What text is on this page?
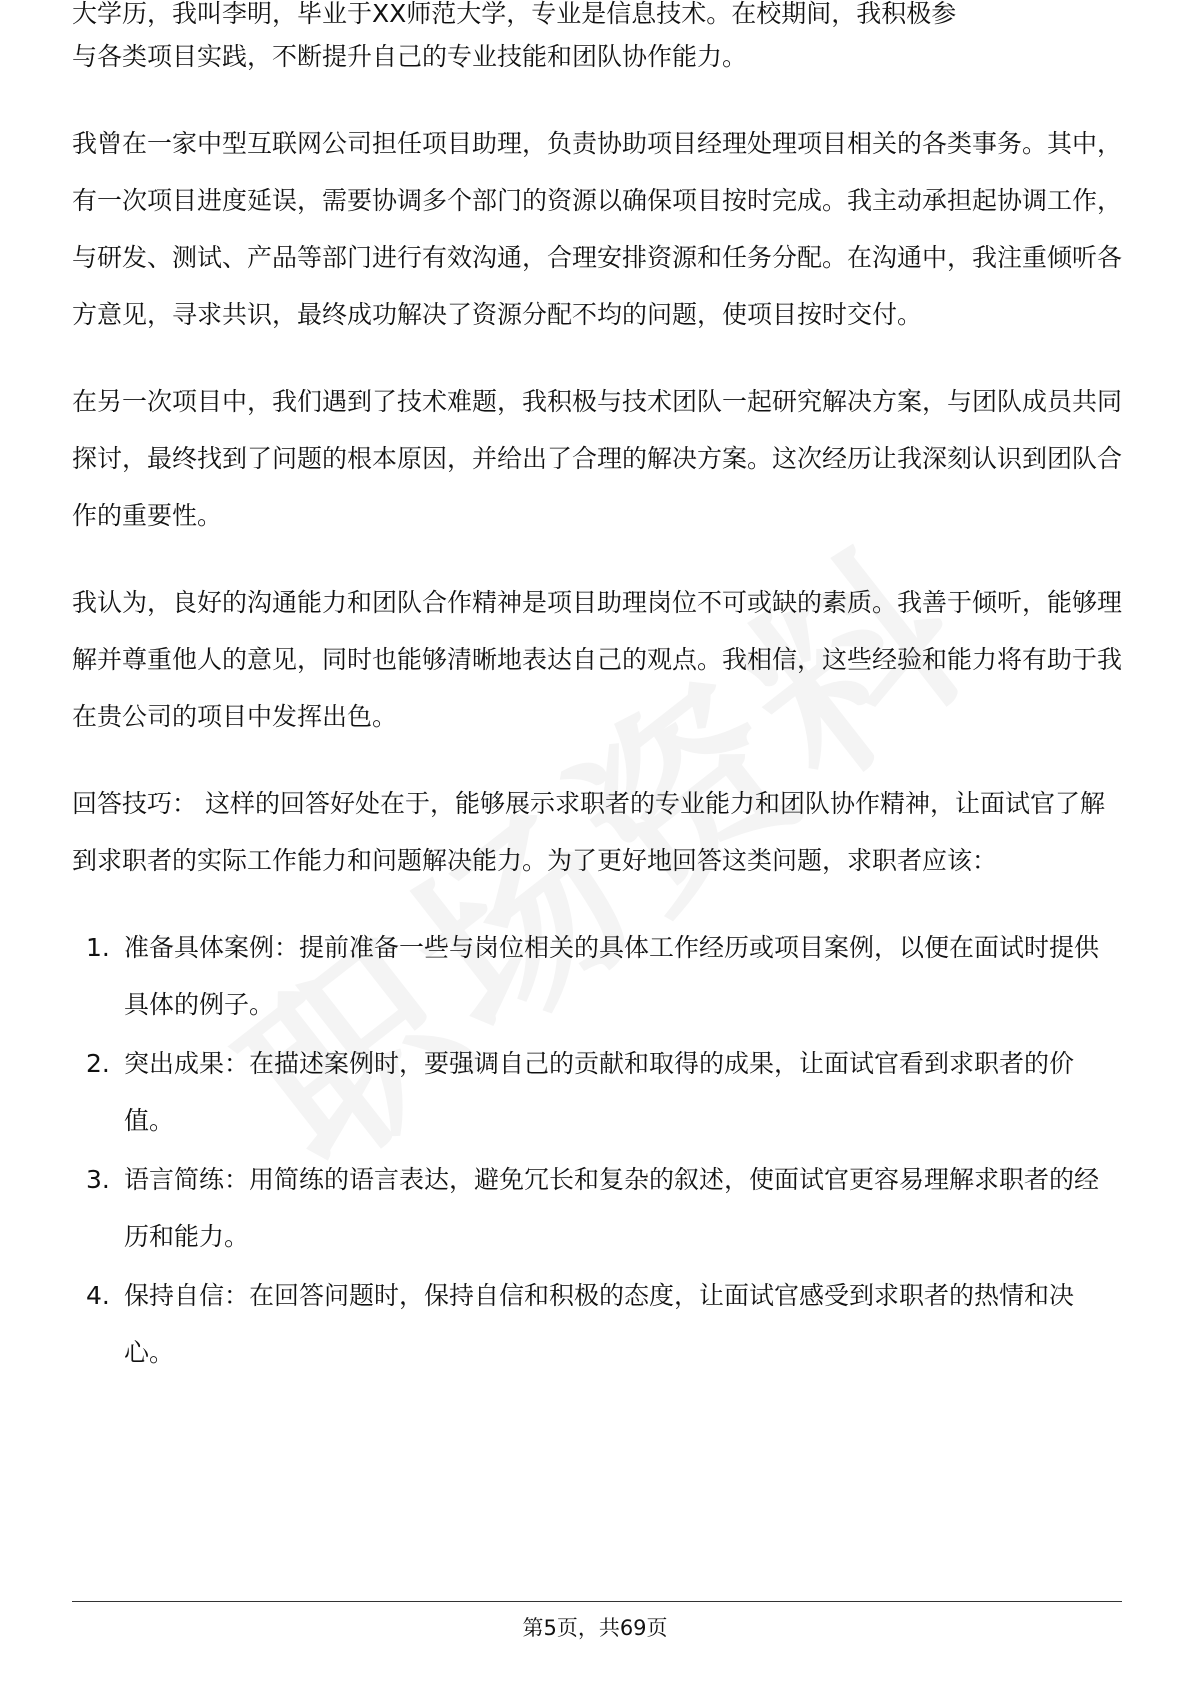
大学历，我叫李明，毕业于XX师范大学，专业是信息技术。在校期间，我积极参

与各类项目实践，不断提升自己的专业技能和团队协作能力。

我曾在一家中型互联网公司担任项目助理，负责协助项目经理处理项目相关的各类事务。其中，有一次项目进度延误，需要协调多个部门的资源以确保项目按时完成。我主动承担起协调工作，与研发、测试、产品等部门进行有效沟通，合理安排资源和任务分配。在沟通中，我注重倾听各方意见，寻求共识，最终成功解决了资源分配不均的问题，使项目按时交付。

在另一次项目中，我们遇到了技术难题，我积极与技术团队一起研究解决方案，与团队成员共同探讨，最终找到了问题的根本原因，并给出了合理的解决方案。这次经历让我深刻认识到团队合作的重要性。

我认为，良好的沟通能力和团队合作精神是项目助理岗位不可或缺的素质。我善于倾听，能够理解并尊重他人的意见，同时也能够清晰地表达自己的观点。我相信，这些经验和能力将有助于我在贵公司的项目中发挥出色。

回答技巧： 这样的回答好处在于，能够展示求职者的专业能力和团队协作精神，让面试官了解到求职者的实际工作能力和问题解决能力。为了更好地回答这类问题，求职者应该：

1. 准备具体案例：提前准备一些与岗位相关的具体工作经历或项目案例，以便在面试时提供具体的例子。
2. 突出成果：在描述案例时，要强调自己的贡献和取得的成果，让面试官看到求职者的价值。
3. 语言简练：用简练的语言表达，避免冗长和复杂的叙述，使面试官更容易理解求职者的经历和能力。
4. 保持自信：在回答问题时，保持自信和积极的态度，让面试官感受到求职者的热情和决心。
第5页，共69页
